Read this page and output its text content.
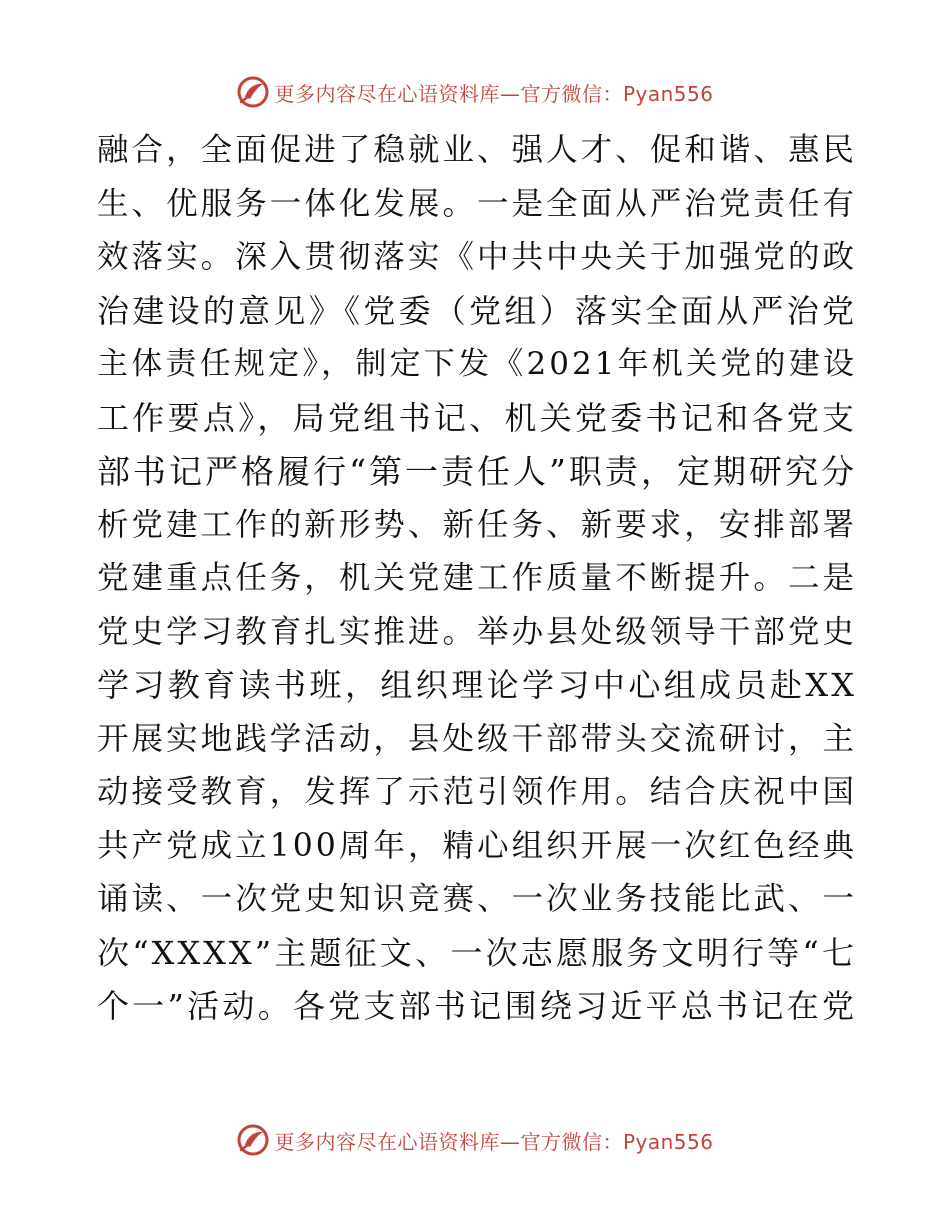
更多内容尽在心语资料库—官方微信：Pyan556
融合，全面促进了稳就业、强人才、促和谐、惠民
生、优服务一体化发展。一是全面从严治党责任有
效落实。深入贯彻落实《中共中央关于加强党的政
治建设的意见》《党委（党组）落实全面从严治党
主体责任规定》，制定下发《2021年机关党的建设
工作要点》，局党组书记、机关党委书记和各党支
部书记严格履行“第一责任人”职责，定期研究分
析党建工作的新形势、新任务、新要求，安排部署
党建重点任务，机关党建工作质量不断提升。二是
党史学习教育扎实推进。举办县处级领导干部党史
学习教育读书班，组织理论学习中心组成员赴XX
开展实地践学活动，县处级干部带头交流研讨，主
动接受教育，发挥了示范引领作用。结合庆祝中国
共产党成立100周年，精心组织开展一次红色经典
诵读、一次党史知识竞赛、一次业务技能比武、一
次“XXXX”主题征文、一次志愿服务文明行等“七
个一”活动。各党支部书记围绕习近平总书记在党
更多内容尽在心语资料库—官方微信：Pyan556
